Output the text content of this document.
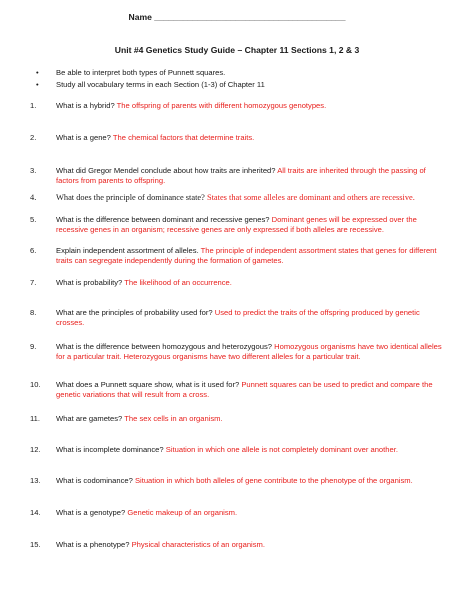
Name ________________________________________
Unit #4 Genetics Study Guide – Chapter 11 Sections 1, 2 & 3
• Be able to interpret both types of Punnett squares.
• Study all vocabulary terms in each Section (1-3) of Chapter 11
1.	What is a hybrid? The offspring of parents with different homozygous genotypes.
2.	What is a gene? The chemical factors that determine traits.
3.	What did Gregor Mendel conclude about how traits are inherited? All traits are inherited through the passing of factors from parents to offspring.
4.	What does the principle of dominance state? States that some alleles are dominant and others are recessive.
5.	What is the difference between dominant and recessive genes? Dominant genes will be expressed over the recessive genes in an organism; recessive genes are only expressed if both alleles are recessive.
6.	Explain independent assortment of alleles. The principle of independent assortment states that genes for different traits can segregate independently during the formation of gametes.
7.	What is probability? The likelihood of an occurrence.
8.	What are the principles of probability used for? Used to predict the traits of the offspring produced by genetic crosses.
9.	What is the difference between homozygous and heterozygous? Homozygous organisms have two identical alleles for a particular trait. Heterozygous organisms have two different alleles for a particular trait.
10.	What does a Punnett square show, what is it used for? Punnett squares can be used to predict and compare the genetic variations that will result from a cross.
11.	What are gametes? The sex cells in an organism.
12.	What is incomplete dominance? Situation in which one allele is not completely dominant over another.
13.	What is codominance? Situation in which both alleles of gene contribute to the phenotype of the organism.
14.	What is a genotype? Genetic makeup of an organism.
15.	What is a phenotype? Physical characteristics of an organism.
